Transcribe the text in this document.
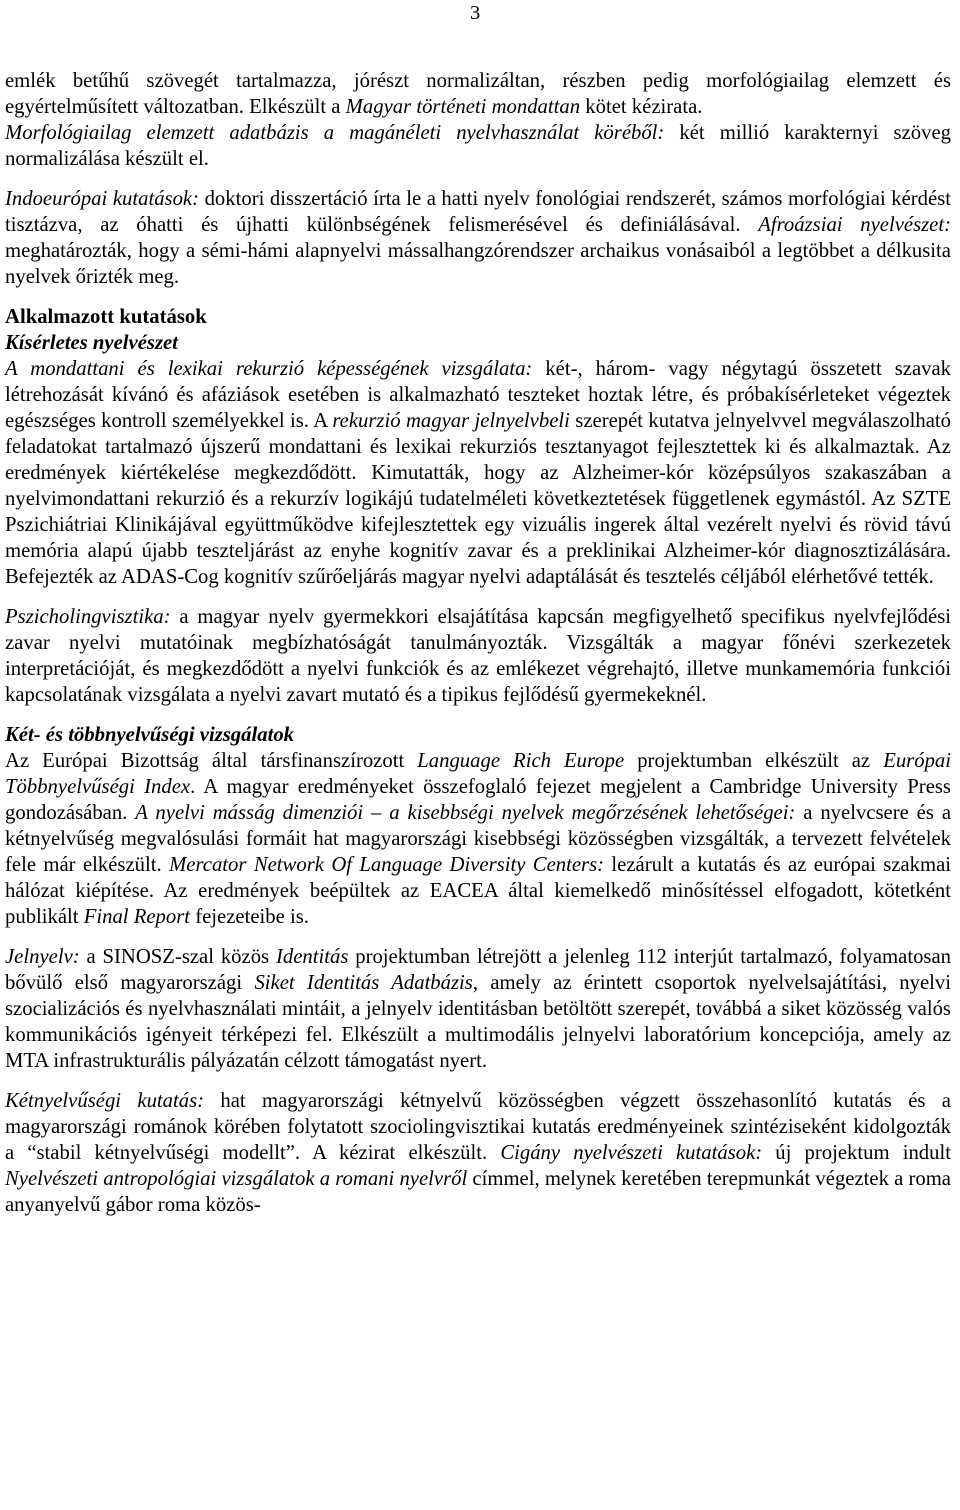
3

emlék betűhű szövegét tartalmazza, jórészt normalizáltan, részben pedig morfológiailag elemzett és egyértelműsített változatban. Elkészült a Magyar történeti mondattan kötet kézirata.

Morfológiailag elemzett adatbázis a magánéleti nyelvhasználat köréből: két millió karakternyi szöveg normalizálása készült el.

Indoeurópai kutatások: doktori disszertáció írta le a hatti nyelv fonológiai rendszerét, számos morfológiai kérdést tisztázva, az óhatti és újhatti különbségének felismerésével és definiálásával. Afroázsiai nyelvészet: meghatározták, hogy a sémi-hámi alapnyelvi mássalhangzórendszer archaikus vonásaiból a legtöbbet a délkusita nyelvek őrizték meg.

Alkalmazott kutatások
Kísérletes nyelvészet

A mondattani és lexikai rekurzió képességének vizsgálata: két-, három- vagy négytagú összetett szavak létrehozását kívánó és afáziások esetében is alkalmazható teszteket hoztak létre, és próbakísérleteket végeztek egészséges kontroll személyekkel is. A rekurzió magyar jelnyelvbeli szerepét kutatva jelnyelvvel megválaszolható feladatokat tartalmazó újszerű mondattani és lexikai rekurziós tesztanyagot fejlesztettek ki és alkalmaztak. Az eredmények kiértékelése megkezdődött. Kimutatták, hogy az Alzheimer-kór középsúlyos szakaszában a nyelvimondattani rekurzió és a rekurzív logikájú tudatelméleti következtetések függetlenek egymástól. Az SZTE Pszichiátriai Klinikájával együttműködve kifejlesztettek egy vizuális ingerek által vezérelt nyelvi és rövid távú memória alapú újabb teszteljárást az enyhe kognitív zavar és a preklinikai Alzheimer-kór diagnosztizálására. Befejezték az ADAS-Cog kognitív szűrőeljárás magyar nyelvi adaptálását és tesztelés céljából elérhetővé tették.

Pszicholingvisztika: a magyar nyelv gyermekkori elsajátítása kapcsán megfigyelhető specifikus nyelvfejlődési zavar nyelvi mutatóinak megbízhatóságát tanulmányozták. Vizsgálták a magyar főnévi szerkezetek interpretációját, és megkezdődött a nyelvi funkciók és az emlékezet végrehajtó, illetve munkamemória funkciói kapcsolatának vizsgálata a nyelvi zavart mutató és a tipikus fejlődésű gyermekeknél.

Két- és többnyelvűségi vizsgálatok

Az Európai Bizottság által társfinanszírozott Language Rich Europe projektumban elkészült az Európai Többnyelvűségi Index. A magyar eredményeket összefoglaló fejezet megjelent a Cambridge University Press gondozásában. A nyelvi másság dimenziói – a kisebbségi nyelvek megőrzésének lehetőségei: a nyelvcsere és a kétnyelvűség megvalósulási formáit hat magyarországi kisebbségi közösségben vizsgálták, a tervezett felvételek fele már elkészült. Mercator Network Of Language Diversity Centers: lezárult a kutatás és az európai szakmai hálózat kiépítése. Az eredmények beépültek az EACEA által kiemelkedő minősítéssel elfogadott, kötetként publikált Final Report fejezeteibe is.

Jelnyelv: a SINOSZ-szal közös Identitás projektumban létrejött a jelenleg 112 interjút tartalmazó, folyamatosan bővülő első magyarországi Siket Identitás Adatbázis, amely az érintett csoportok nyelvelsajátítási, nyelvi szocializációs és nyelvhasználati mintáit, a jelnyelv identitásban betöltött szerepét, továbbá a siket közösség valós kommunikációs igényeit térképezi fel. Elkészült a multimodális jelnyelvi laboratórium koncepciója, amely az MTA infrastrukturális pályázatán célzott támogatást nyert.

Kétnyelvűségi kutatás: hat magyarországi kétnyelvű közösségben végzett összehasonlító kutatás és a magyarországi románok körében folytatott szociolingvisztikai kutatás eredményeinek szintéziseként kidolgozták a “stabil kétnyelvűségi modellt”. A kézirat elkészült. Cigány nyelvészeti kutatások: új projektum indult Nyelvészeti antropológiai vizsgálatok a romani nyelvről címmel, melynek keretében terepmunkát végeztek a roma anyanyelvű gábor roma közös-
